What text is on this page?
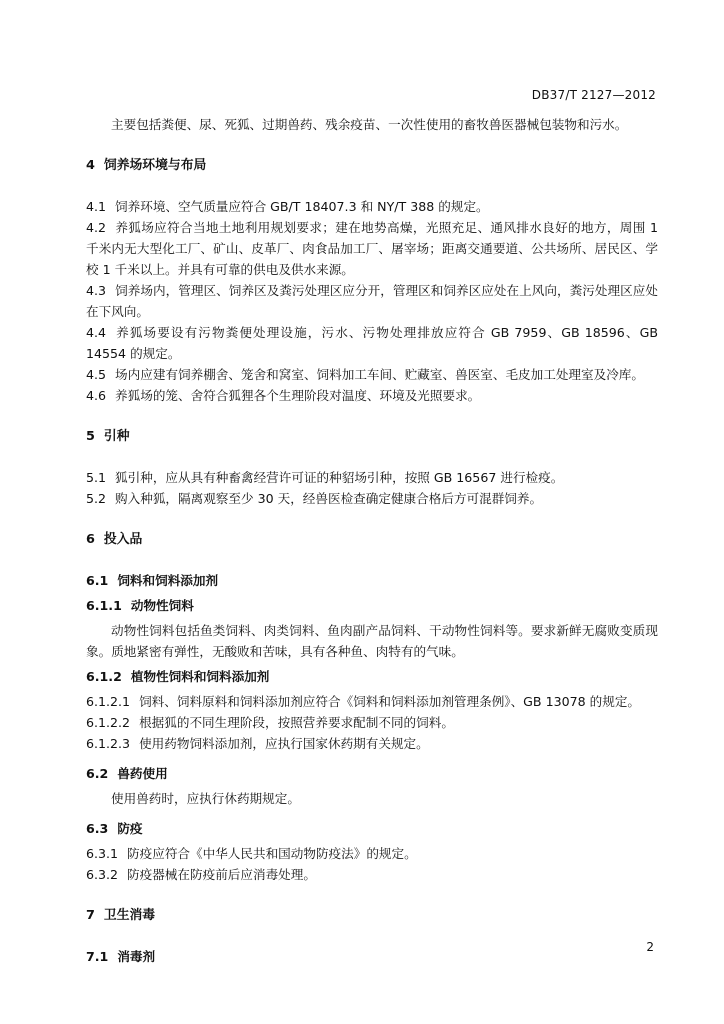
DB37/T 2127—2012

主要包括粪便、尿、死狐、过期兽药、残余疫苗、一次性使用的畜牧兽医器械包装物和污水。

4 饲养场环境与布局

4.1 饲养环境、空气质量应符合 GB/T 18407.3 和 NY/T 388 的规定。

4.2 养狐场应符合当地土地利用规划要求；建在地势高燥，光照充足、通风排水良好的地方，周围 1 千米内无大型化工厂、矿山、皮革厂、肉食品加工厂、屠宰场；距离交通要道、公共场所、居民区、学校 1 千米以上。并具有可靠的供电及供水来源。

4.3 饲养场内，管理区、饲养区及粪污处理区应分开，管理区和饲养区应处在上风向，粪污处理区应处在下风向。

4.4 养狐场要设有污物粪便处理设施，污水、污物处理排放应符合 GB 7959、GB 18596、GB 14554 的规定。

4.5 场内应建有饲养棚舍、笼舍和窝室、饲料加工车间、贮藏室、兽医室、毛皮加工处理室及冷库。

4.6 养狐场的笼、舍符合狐狸各个生理阶段对温度、环境及光照要求。

5 引种

5.1 狐引种，应从具有种畜禽经营许可证的种貂场引种，按照 GB 16567 进行检疫。

5.2 购入种狐，隔离观察至少 30 天，经兽医检查确定健康合格后方可混群饲养。

6 投入品

6.1 饲料和饲料添加剂

6.1.1 动物性饲料

动物性饲料包括鱼类饲料、肉类饲料、鱼肉副产品饲料、干动物性饲料等。要求新鲜无腐败变质现象。质地紧密有弹性，无酸败和苦味，具有各种鱼、肉特有的气味。

6.1.2 植物性饲料和饲料添加剂

6.1.2.1 饲料、饲料原料和饲料添加剂应符合《饲料和饲料添加剂管理条例》、GB 13078 的规定。

6.1.2.2 根据狐的不同生理阶段，按照营养要求配制不同的饲料。

6.1.2.3 使用药物饲料添加剂，应执行国家休药期有关规定。

6.2 兽药使用

使用兽药时，应执行休药期规定。

6.3 防疫

6.3.1 防疫应符合《中华人民共和国动物防疫法》的规定。

6.3.2 防疫器械在防疫前后应消毒处理。

7 卫生消毒

7.1 消毒剂

2
